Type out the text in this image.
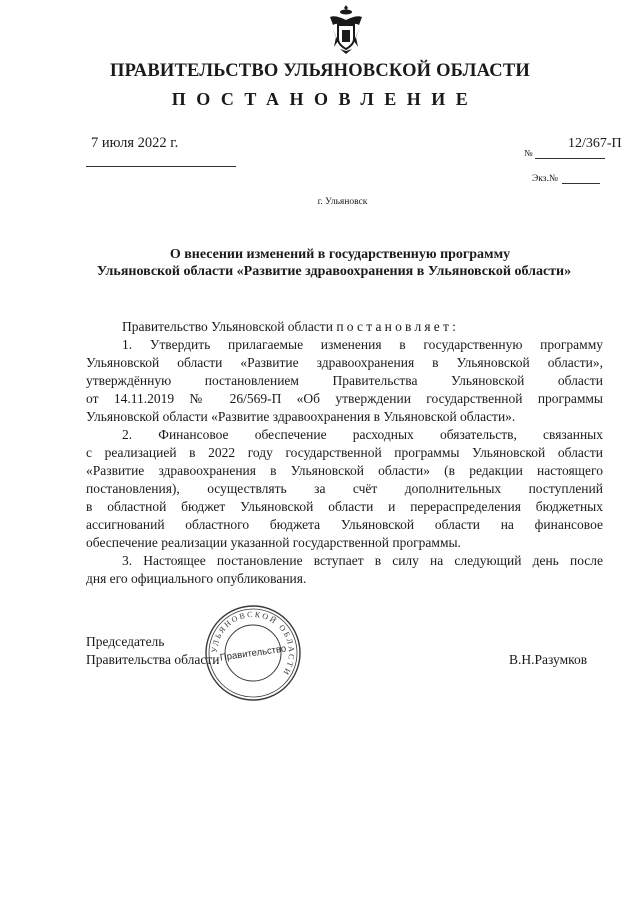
ПРАВИТЕЛЬСТВО УЛЬЯНОВСКОЙ ОБЛАСТИ
ПОСТАНОВЛЕНИЕ
7 июля 2022 г.
№
12/367-П
Экз.№
г. Ульяновск
О внесении изменений в государственную программу
Ульяновской области «Развитие здравоохранения в Ульяновской области»
Правительство Ульяновской области постановляет:
1. Утвердить прилагаемые изменения в государственную программу
Ульяновской области «Развитие здравоохранения в Ульяновской области»,
утверждённую постановлением Правительства Ульяновской области
от 14.11.2019 № 26/569-П «Об утверждении государственной программы
Ульяновской области «Развитие здравоохранения в Ульяновской области».
2. Финансовое обеспечение расходных обязательств, связанных
с реализацией в 2022 году государственной программы Ульяновской области
«Развитие здравоохранения в Ульяновской области» (в редакции настоящего
постановления), осуществлять за счёт дополнительных поступлений
в областной бюджет Ульяновской области и перераспределения бюджетных
ассигнований областного бюджета Ульяновской области на финансовое
обеспечение реализации указанной государственной программы.
3. Настоящее постановление вступает в силу на следующий день после
дня его официального опубликования.
Председатель
Правительства области	В.Н.Разумков
УЛЬЯНОВСКОЙ ОБЛАСТИ
Правительство
